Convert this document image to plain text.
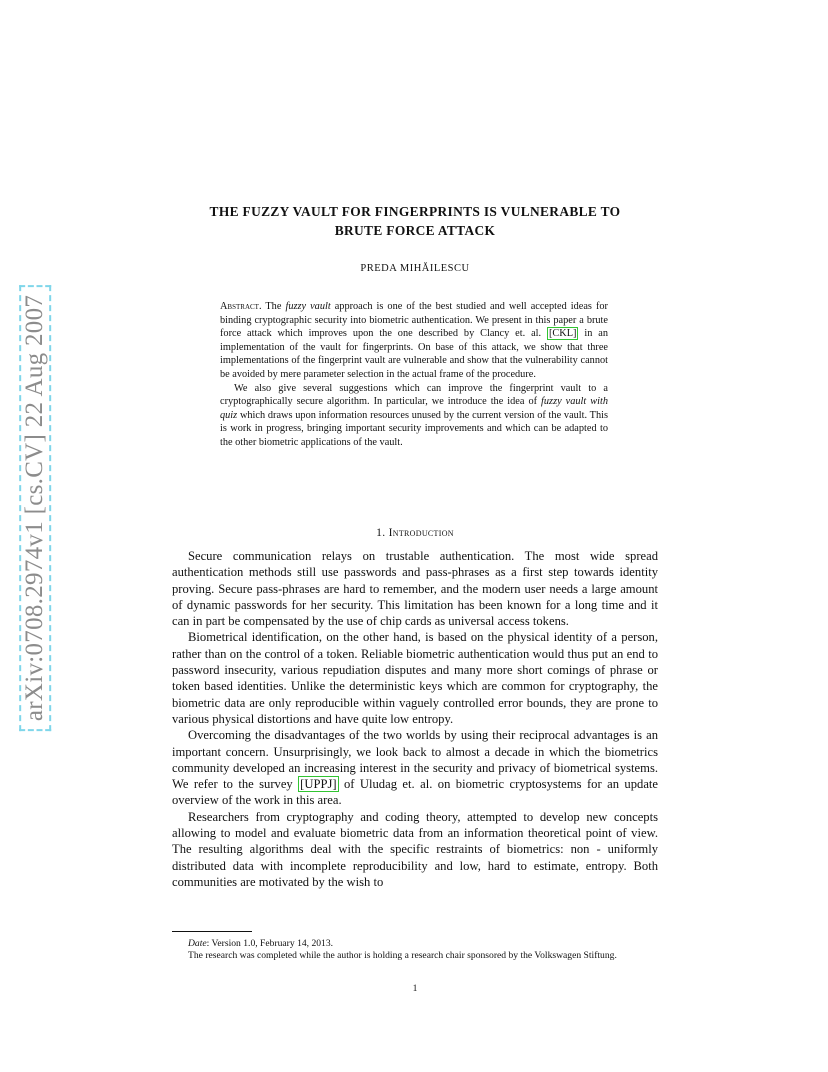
arXiv:0708.2974v1 [cs.CV] 22 Aug 2007
THE FUZZY VAULT FOR FINGERPRINTS IS VULNERABLE TO
BRUTE FORCE ATTACK
PREDA MIHĂILESCU

Abstract. The fuzzy vault approach is one of the best studied and well accepted ideas for binding cryptographic security into biometric authentication. We present in this paper a brute force attack which improves upon the one described by Clancy et. al. [CKL] in an implementation of the vault for fingerprints. On base of this attack, we show that three implementations of the fingerprint vault are vulnerable and show that the vulnerability cannot be avoided by mere parameter selection in the actual frame of the procedure.

We also give several suggestions which can improve the fingerprint vault to a cryptographically secure algorithm. In particular, we introduce the idea of fuzzy vault with quiz which draws upon information resources unused by the current version of the vault. This is work in progress, bringing important security improvements and which can be adapted to the other biometric applications of the vault.

1. Introduction

Secure communication relays on trustable authentication. The most wide spread authentication methods still use passwords and pass-phrases as a first step towards identity proving. Secure pass-phrases are hard to remember, and the modern user needs a large amount of dynamic passwords for her security. This limitation has been known for a long time and it can in part be compensated by the use of chip cards as universal access tokens.

Biometrical identification, on the other hand, is based on the physical identity of a person, rather than on the control of a token. Reliable biometric authentication would thus put an end to password insecurity, various repudiation disputes and many more short comings of phrase or token based identities. Unlike the deterministic keys which are common for cryptography, the biometric data are only reproducible within vaguely controlled error bounds, they are prone to various physical distortions and have quite low entropy.

Overcoming the disadvantages of the two worlds by using their reciprocal advantages is an important concern. Unsurprisingly, we look back to almost a decade in which the biometrics community developed an increasing interest in the security and privacy of biometrical systems. We refer to the survey [UPPJ] of Uludag et. al. on biometric cryptosystems for an update overview of the work in this area.

Researchers from cryptography and coding theory, attempted to develop new concepts allowing to model and evaluate biometric data from an information theoretical point of view. The resulting algorithms deal with the specific restraints of biometrics: non - uniformly distributed data with incomplete reproducibility and low, hard to estimate, entropy. Both communities are motivated by the wish to

Date: Version 1.0, February 14, 2013.

The research was completed while the author is holding a research chair sponsored by the Volkswagen Stiftung.

1
